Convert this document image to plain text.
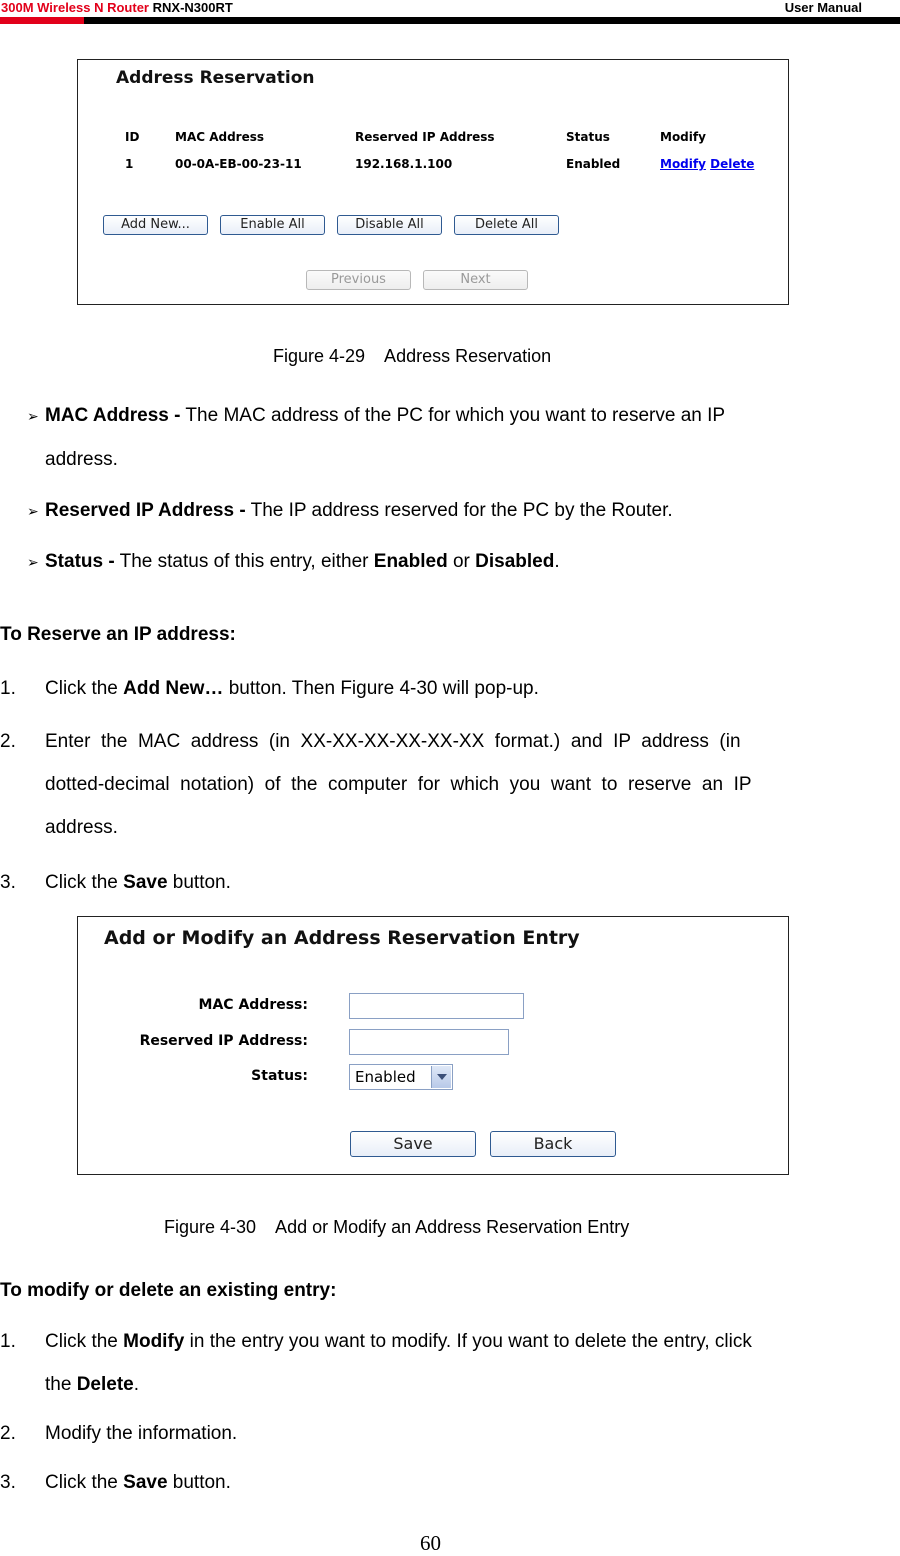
300M Wireless N Router RNX-N300RT	User Manual
Address Reservation
ID	MAC Address	Reserved IP Address	Status	Modify
1	00-0A-EB-00-23-11	192.168.1.100	Enabled	Modify Delete
Add New...	Enable All	Disable All	Delete All
Previous	Next
Figure 4-29    Address Reservation
➢ MAC Address - The MAC address of the PC for which you want to reserve an IP
address.
➢ Reserved IP Address - The IP address reserved for the PC by the Router.
➢ Status - The status of this entry, either Enabled or Disabled.
To Reserve an IP address:
1. Click the Add New… button. Then Figure 4-30 will pop-up.
2. Enter  the  MAC  address  (in  XX-XX-XX-XX-XX-XX  format.)  and  IP  address  (in
dotted-decimal  notation)  of  the  computer  for  which  you  want  to  reserve  an  IP
address.
3. Click the Save button.
Add or Modify an Address Reservation Entry
MAC Address:
Reserved IP Address:
Status:	Enabled
Save	Back
Figure 4-30    Add or Modify an Address Reservation Entry
To modify or delete an existing entry:
1. Click the Modify in the entry you want to modify. If you want to delete the entry, click
the Delete.
2. Modify the information.
3. Click the Save button.
60
